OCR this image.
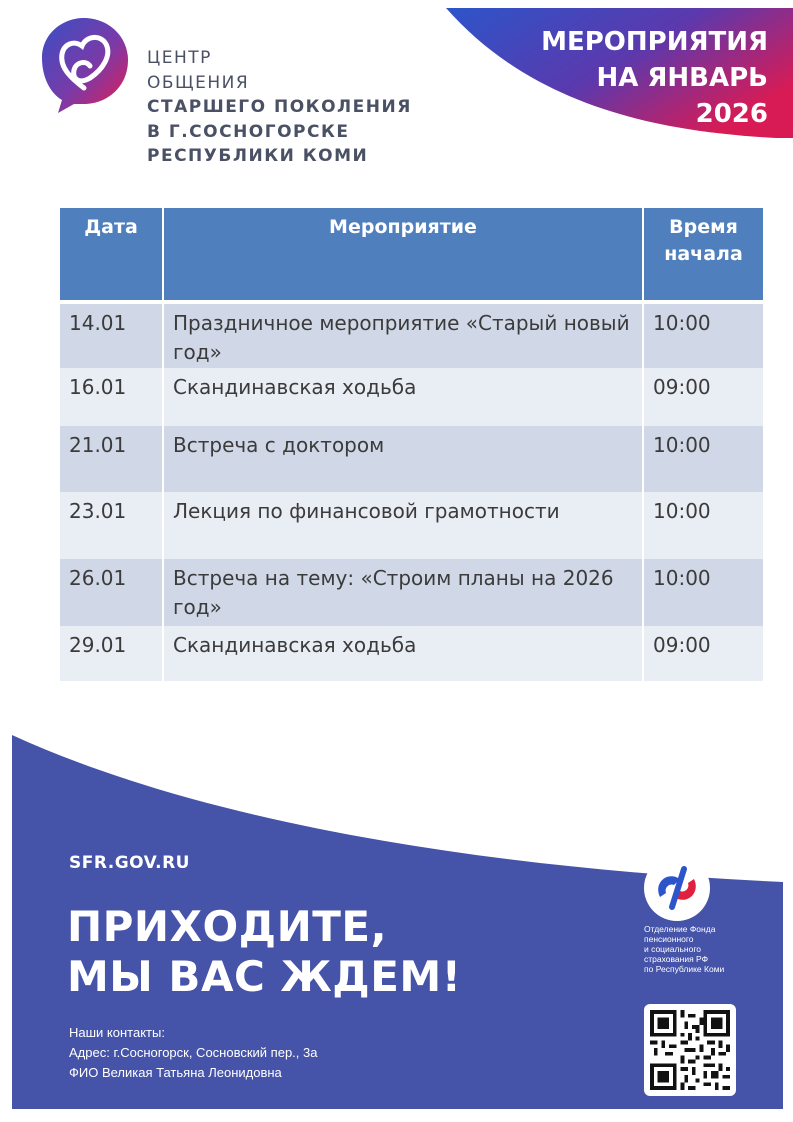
ЦЕНТР
ОБЩЕНИЯ
СТАРШЕГО ПОКОЛЕНИЯ
В Г.СОСНОГОРСКЕ
РЕСПУБЛИКИ КОМИ
МЕРОПРИЯТИЯ
НА ЯНВАРЬ
2026
Дата	Мероприятие	Время начала

14.01	Праздничное мероприятие «Старый новый год»	10:00
16.01	Скандинавская ходьба	09:00
21.01	Встреча с доктором	10:00
23.01	Лекция по финансовой грамотности	10:00
26.01	Встреча на тему: «Строим планы на 2026 год»	10:00
29.01	Скандинавская ходьба	09:00
SFR.GOV.RU
ПРИХОДИТЕ,
МЫ ВАС ЖДЕМ!
Наши контакты:
Адрес: г.Сосногорск, Сосновский пер., 3а
ФИО Великая Татьяна Леонидовна
Отделение Фонда
пенсионного
и социального
страхования РФ
по Республике Коми
